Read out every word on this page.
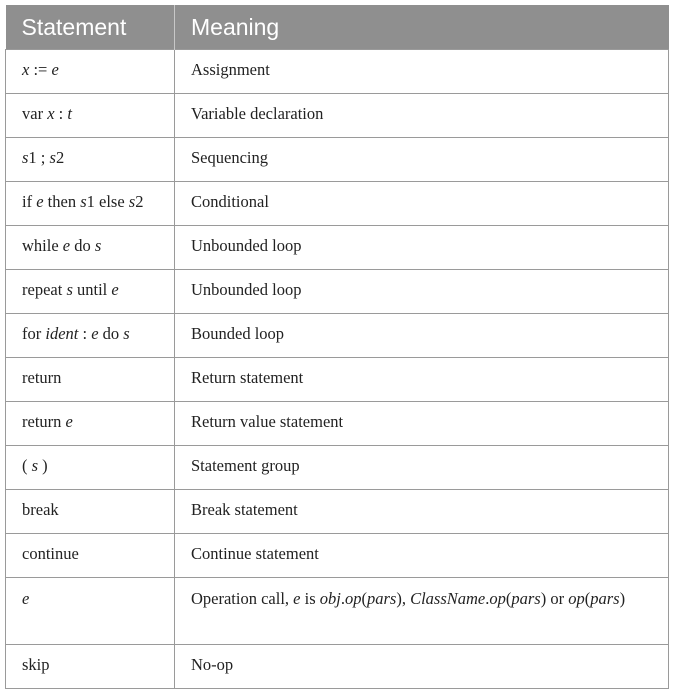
Statement	Meaning
x := e	Assignment
var x : t	Variable declaration
s1 ; s2	Sequencing
if e then s1 else s2	Conditional
while e do s	Unbounded loop
repeat s until e	Unbounded loop
for ident : e do s	Bounded loop
return	Return statement
return e	Return value statement
( s )	Statement group
break	Break statement
continue	Continue statement
e	Operation call, e is obj.op(pars), ClassName.op(pars) or op(pars)
skip	No-op
